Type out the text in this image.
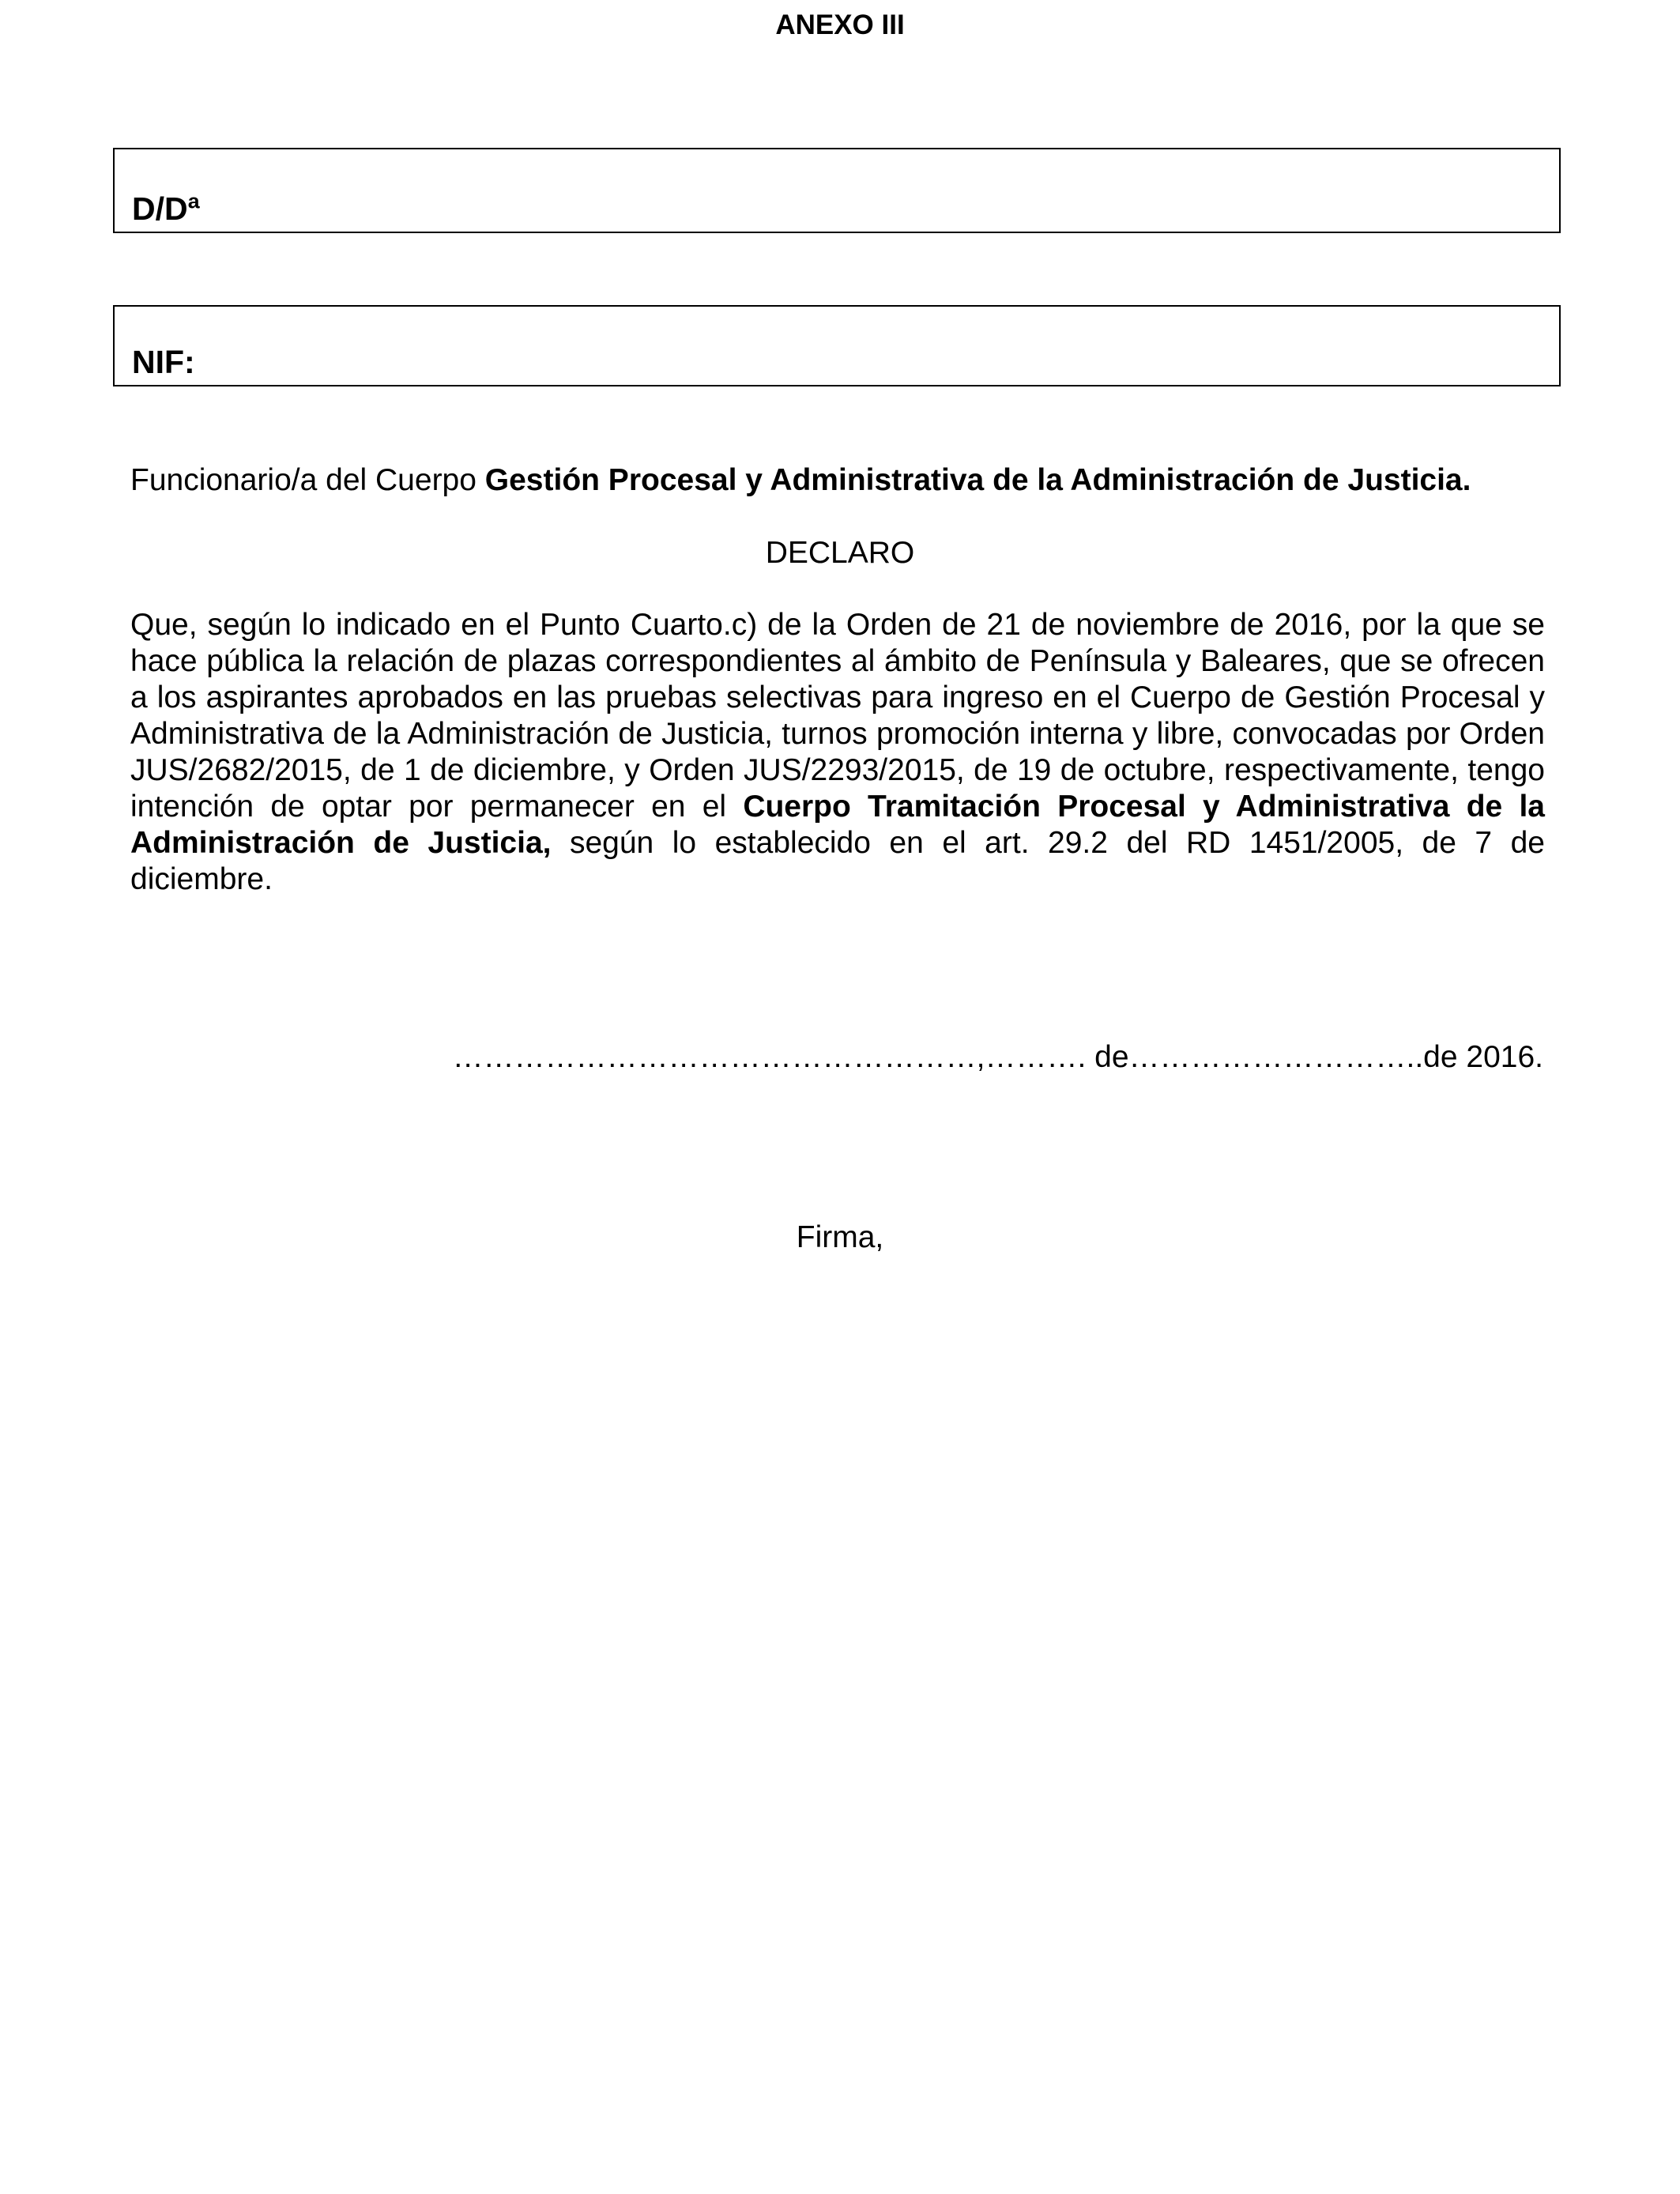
ANEXO III
D/Dª
NIF:
Funcionario/a del Cuerpo Gestión Procesal y Administrativa de la Administración de Justicia.
DECLARO
Que, según lo indicado en el Punto Cuarto.c) de la Orden de 21 de noviembre de 2016, por la que se hace pública la relación de plazas correspondientes al ámbito de Península y Baleares, que se ofrecen a los aspirantes aprobados en las pruebas selectivas para ingreso en el Cuerpo de Gestión Procesal y Administrativa de la Administración de Justicia, turnos promoción interna y libre, convocadas por Orden JUS/2682/2015, de 1 de diciembre, y Orden JUS/2293/2015, de 19 de octubre, respectivamente, tengo intención de optar por permanecer en el Cuerpo Tramitación Procesal y Administrativa de la Administración de Justicia, según lo establecido en el art. 29.2 del RD 1451/2005, de 7 de diciembre.
……………………………………………,………. de………………………..de 2016.
Firma,
